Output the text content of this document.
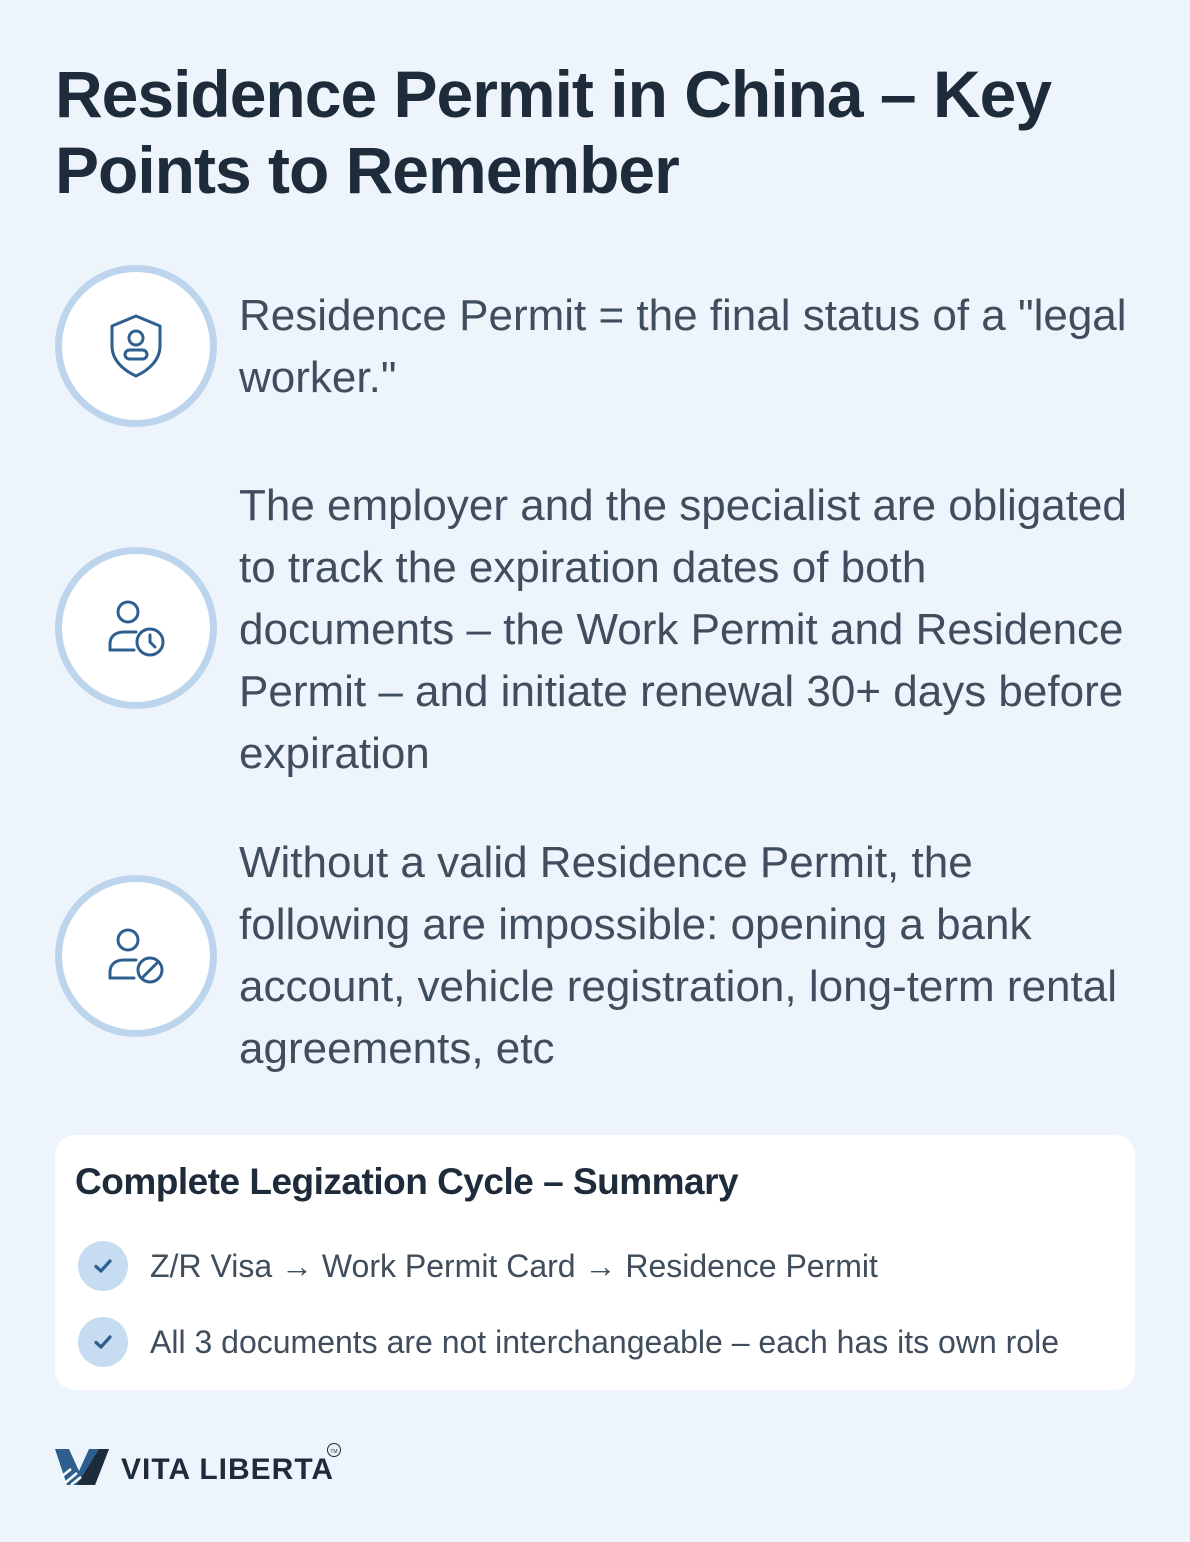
Residence Permit in China – Key Points to Remember
Residence Permit = the final status of a "legal worker."
The employer and the specialist are obligated to track the expiration dates of both documents – the Work Permit and Residence Permit – and initiate renewal 30+ days before expiration
Without a valid Residence Permit, the following are impossible: opening a bank account, vehicle registration, long-term rental agreements, etc
Complete Legization Cycle – Summary
Z/R Visa → Work Permit Card → Residence Permit
All 3 documents are not interchangeable – each has its own role
VITA LIBERTA
TM
